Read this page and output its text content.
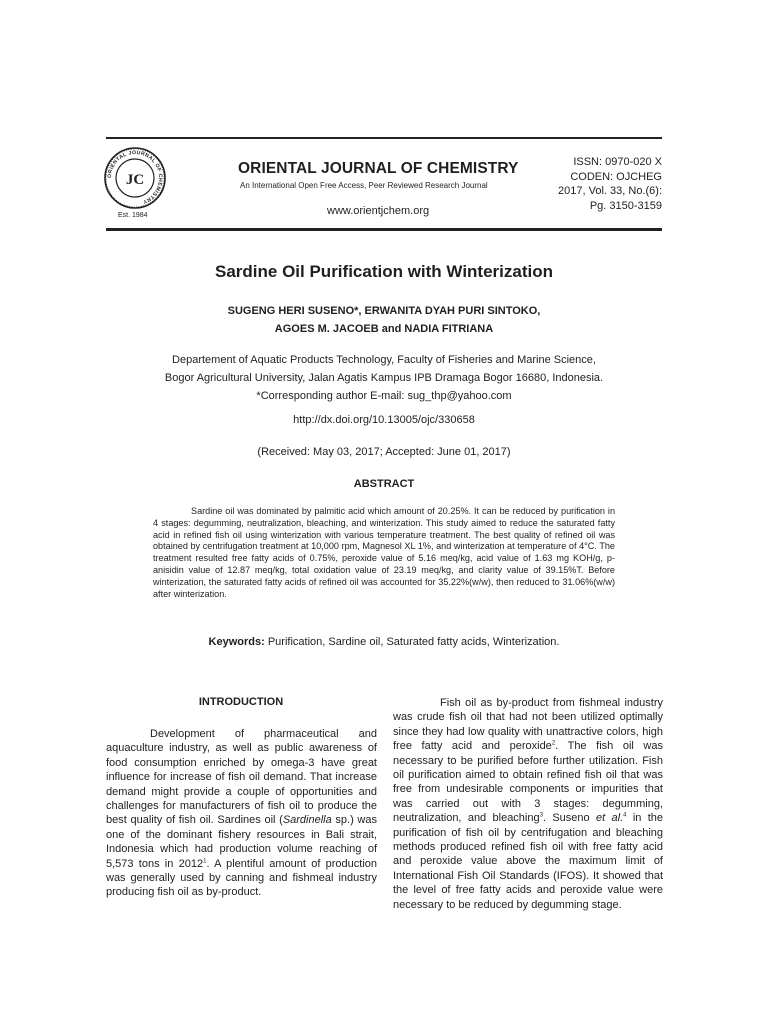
ORIENTAL JOURNAL OF CHEMISTRY
JC
Est. 1984
ORIENTAL JOURNAL OF CHEMISTRY
An International Open Free Access, Peer Reviewed Research Journal
www.orientjchem.org
ISSN: 0970-020 X
CODEN: OJCHEG
2017, Vol. 33, No.(6):
Pg. 3150-3159
Sardine Oil Purification with Winterization
SUGENG HERI SUSENO*, ERWANITA DYAH PURI SINTOKO,
AGOES M. JACOEB and NADIA FITRIANA
Departement of Aquatic Products Technology, Faculty of Fisheries and Marine Science,
Bogor Agricultural University, Jalan Agatis Kampus IPB Dramaga Bogor 16680, Indonesia.
*Corresponding author E-mail: sug_thp@yahoo.com
http://dx.doi.org/10.13005/ojc/330658
(Received: May 03, 2017; Accepted: June 01, 2017)
ABSTRACT

Sardine oil was dominated by palmitic acid which amount of 20.25%. It can be reduced by purification in 4 stages: degumming, neutralization, bleaching, and winterization. This study aimed to reduce the saturated fatty acid in refined fish oil using winterization with various temperature treatment. The best quality of refined oil was obtained by centrifugation treatment at 10,000 rpm, Magnesol XL 1%, and winterization at temperature of 4°C. The treatment resulted free fatty acids of 0.75%, peroxide value of 5.16 meq/kg, acid value of 1.63 mg KOH/g, p-anisidin value of 12.87 meq/kg, total oxidation value of 23.19 meq/kg, and clarity value of 39.15%T. Before winterization, the saturated fatty acids of refined oil was accounted for 35.22%(w/w), then reduced to 31.06%(w/w) after winterization.

Keywords: Purification, Sardine oil, Saturated fatty acids, Winterization.
INTRODUCTION

Development of pharmaceutical and aquaculture industry, as well as public awareness of food consumption enriched by omega-3 have great influence for increase of fish oil demand. That increase demand might provide a couple of opportunities and challenges for manufacturers of fish oil to produce the best quality of fish oil. Sardines oil (Sardinella sp.) was one of the dominant fishery resources in Bali strait, Indonesia which had production volume reaching of 5,573 tons in 2012$^1$. A plentiful amount of production was generally used by canning and fishmeal industry producing fish oil as by-product.

Fish oil as by-product from fishmeal industry was crude fish oil that had not been utilized optimally since they had low quality with unattractive colors, high free fatty acid and peroxide$^2$. The fish oil was necessary to be purified before further utilization. Fish oil purification aimed to obtain refined fish oil that was free from undesirable components or impurities that was carried out with 3 stages: degumming, neutralization, and bleaching$^3$. Suseno et al.$^4$ in the purification of fish oil by centrifugation and bleaching methods produced refined fish oil with free fatty acid and peroxide value above the maximum limit of International Fish Oil Standards (IFOS). It showed that the level of free fatty acids and peroxide value were necessary to be reduced by degumming stage.
